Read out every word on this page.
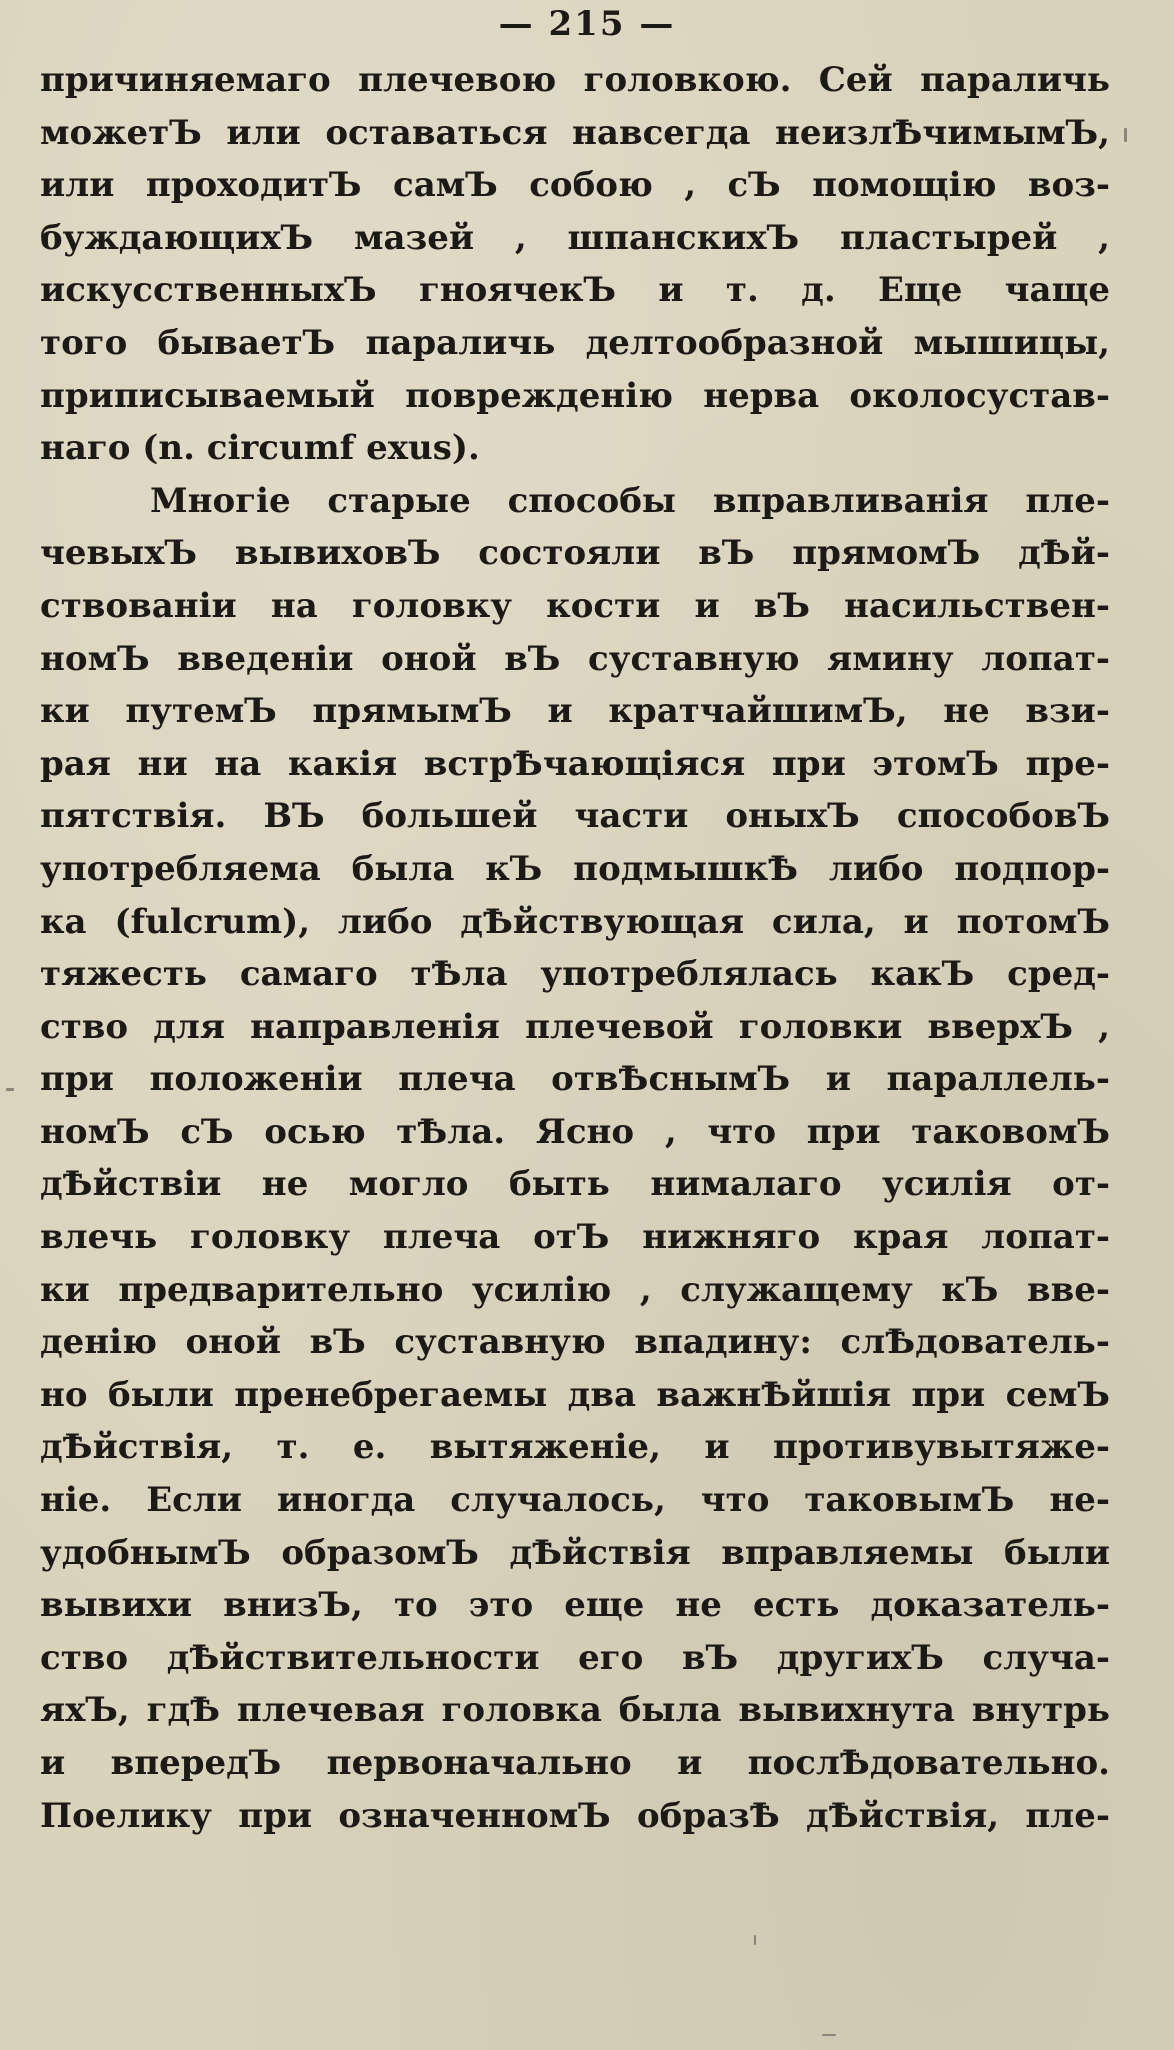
— 215 —
причиняемаго плечевою головкою. Сей параличь
можетЪ или оставаться навсегда неизлѢчимымЪ,
или проходитЪ самЪ собою , сЪ помощію воз-
буждающихЪ мазей , шпанскихЪ пластырей ,
искусственныхЪ гноячекЪ и т. д. Еще чаще
того бываетЪ параличь делтообразной мышицы,
приписываемый поврежденію нерва околосустав-
наго (n. circumf exus).
Многіе старые способы вправливанія пле-
чевыхЪ вывиховЪ состояли вЪ прямомЪ дѢй-
ствованіи на головку кости и вЪ насильствен-
номЪ введеніи оной вЪ суставную ямину лопат-
ки путемЪ прямымЪ и кратчайшимЪ, не взи-
рая ни на какія встрѢчающіяся при этомЪ пре-
пятствія. ВЪ большей части оныхЪ способовЪ
употребляема была кЪ подмышкѢ либо подпор-
ка (fulcrum), либо дѢйствующая сила, и потомЪ
тяжесть самаго тѢла употреблялась какЪ сред-
ство для направленія плечевой головки вверхЪ ,
при положеніи плеча отвѢснымЪ и параллель-
номЪ сЪ осью тѢла. Ясно , что при таковомЪ
дѢйствіи не могло быть нималаго усилія от-
влечь головку плеча отЪ нижняго края лопат-
ки предварительно усилію , служащему кЪ вве-
денію оной вЪ суставную впадину: слѢдователь-
но были пренебрегаемы два важнѢйшія при семЪ
дѢйствія, т. е. вытяженіе, и противувытяже-
ніе. Если иногда случалось, что таковымЪ не-
удобнымЪ образомЪ дѢйствія вправляемы были
вывихи внизЪ, то это еще не есть доказатель-
ство дѢйствительности его вЪ другихЪ случа-
яхЪ, гдѢ плечевая головка была вывихнута внутрь
и впередЪ первоначально и послѢдовательно.
Поелику при означенномЪ образѢ дѢйствія, пле-
